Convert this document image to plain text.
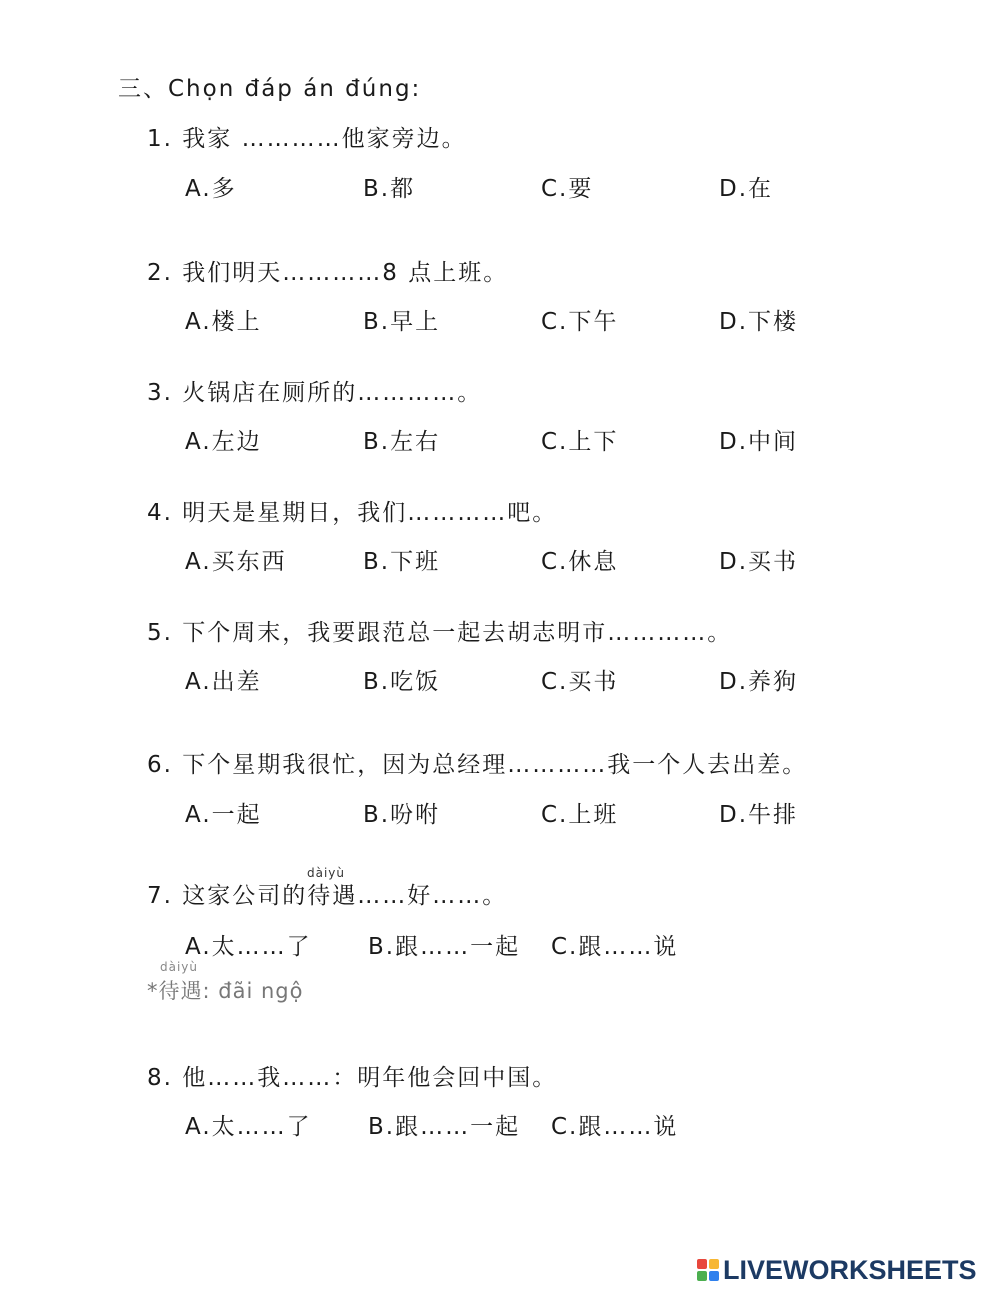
三、Chọn đáp án đúng:
1. 我家 …………他家旁边。
A.多	B.都	C.要	D.在
2. 我们明天…………8 点上班。
A.楼上	B.早上	C.下午	D.下楼
3. 火锅店在厕所的…………。
A.左边	B.左右	C.上下	D.中间
4. 明天是星期日，我们…………吧。
A.买东西	B.下班	C.休息	D.买书
5. 下个周末，我要跟范总一起去胡志明市…………。
A.出差	B.吃饭	C.买书	D.养狗
6. 下个星期我很忙，因为总经理…………我一个人去出差。
A.一起	B.吩咐	C.上班	D.牛排
dàiyù
7. 这家公司的待遇……好……。
A.太……了 B.跟……一起 C.跟……说
dàiyù
*待遇: đãi ngộ
8. 他……我……：明年他会回中国。
A.太……了 B.跟……一起 C.跟……说
LIVEWORKSHEETS
